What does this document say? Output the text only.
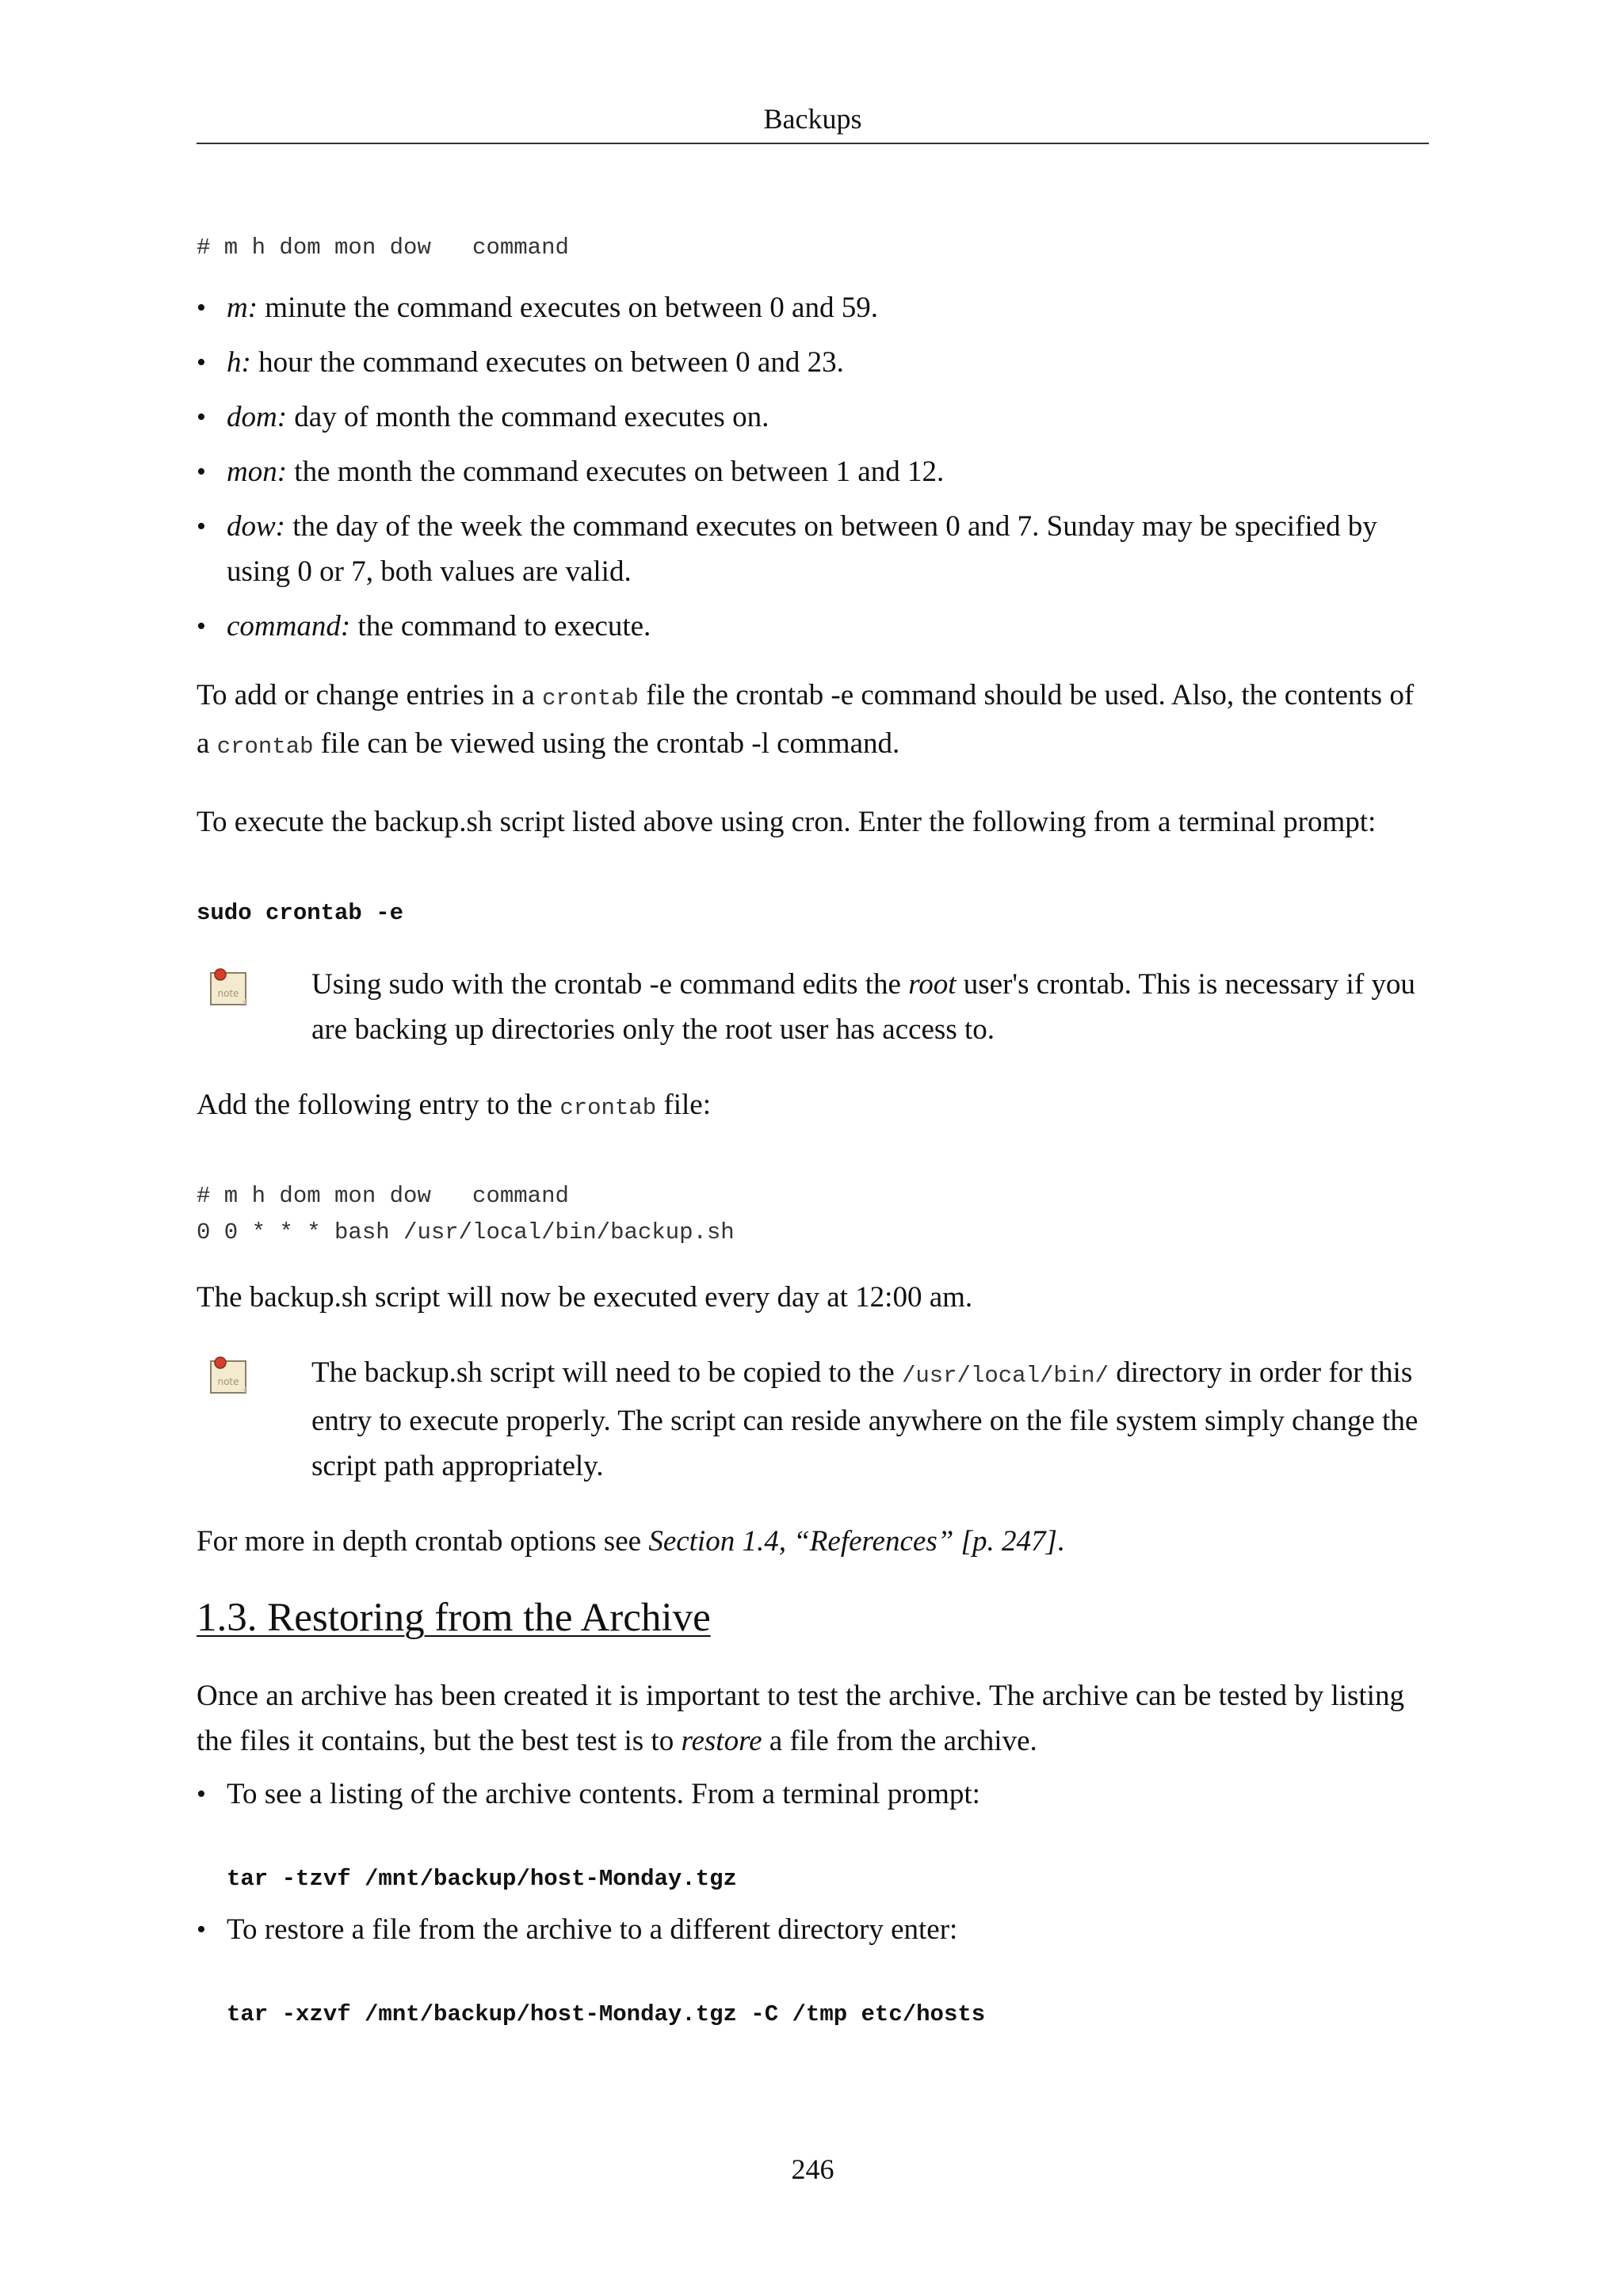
Backups
# m h dom mon dow   command
• m: minute the command executes on between 0 and 59.
• h: hour the command executes on between 0 and 23.
• dom: day of month the command executes on.
• mon: the month the command executes on between 1 and 12.
• dow: the day of the week the command executes on between 0 and 7. Sunday may be specified by using 0 or 7, both values are valid.
• command: the command to execute.

To add or change entries in a crontab file the crontab -e command should be used. Also, the contents of a crontab file can be viewed using the crontab -l command.

To execute the backup.sh script listed above using cron. Enter the following from a terminal prompt:

sudo crontab -e
note Using sudo with the crontab -e command edits the root user's crontab. This is necessary if you are backing up directories only the root user has access to.

Add the following entry to the crontab file:

# m h dom mon dow   command
0 0 * * * bash /usr/local/bin/backup.sh

The backup.sh script will now be executed every day at 12:00 am.

note The backup.sh script will need to be copied to the /usr/local/bin/ directory in order for this entry to execute properly. The script can reside anywhere on the file system simply change the script path appropriately.

For more in depth crontab options see Section 1.4, “References” [p. 247].

1.3. Restoring from the Archive

Once an archive has been created it is important to test the archive. The archive can be tested by listing the files it contains, but the best test is to restore a file from the archive.

• To see a listing of the archive contents. From a terminal prompt:
tar -tzvf /mnt/backup/host-Monday.tgz
• To restore a file from the archive to a different directory enter:
tar -xzvf /mnt/backup/host-Monday.tgz -C /tmp etc/hosts
246
